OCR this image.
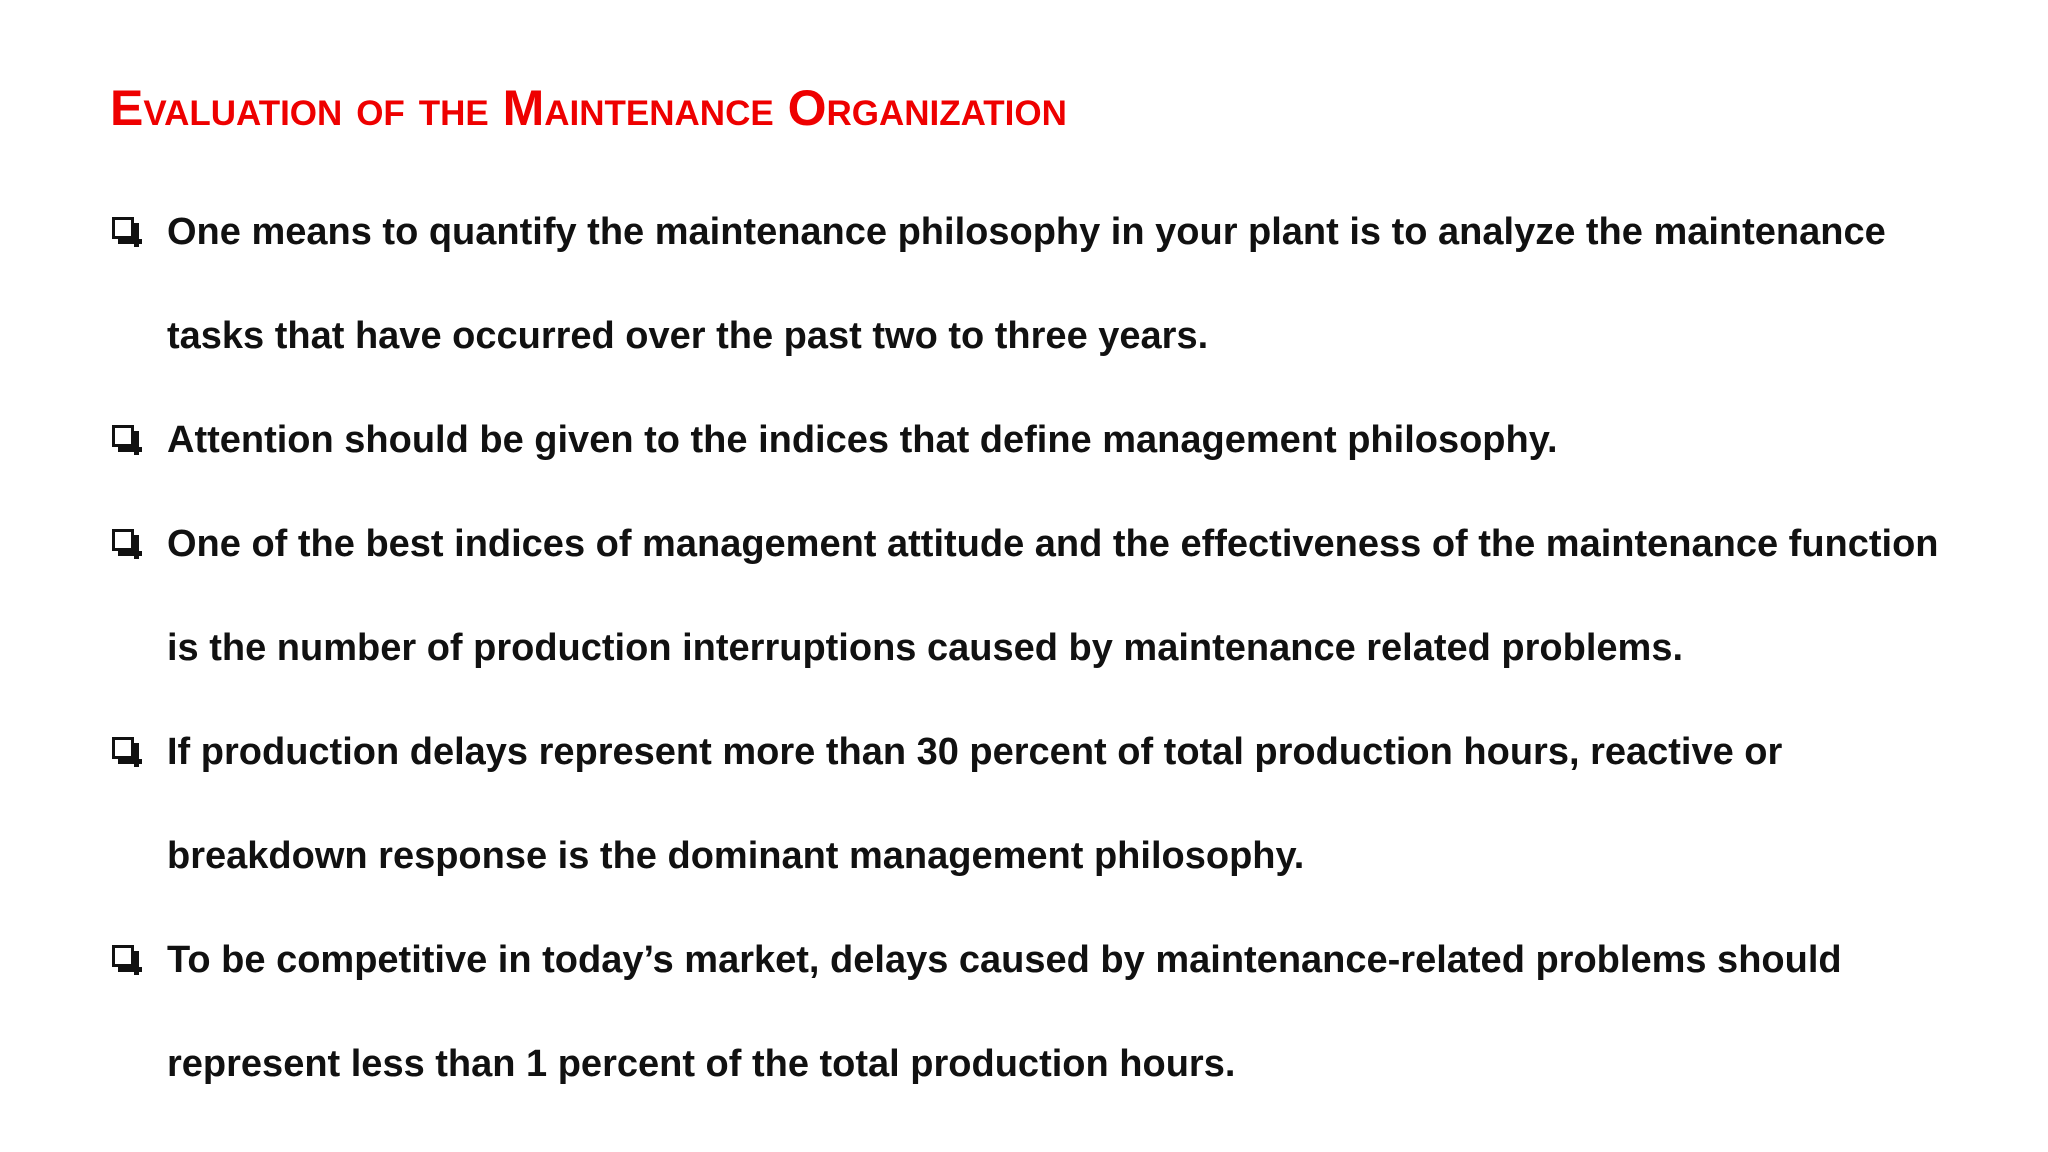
Evaluation of the Maintenance Organization
One means to quantify the maintenance philosophy in your plant is to analyze the maintenance tasks that have occurred over the past two to three years.
Attention should be given to the indices that define management philosophy.
One of the best indices of management attitude and the effectiveness of the maintenance function is the number of production interruptions caused by maintenance related problems.
If production delays represent more than 30 percent of total production hours, reactive or breakdown response is the dominant management philosophy.
To be competitive in today’s market, delays caused by maintenance-related problems should represent less than 1 percent of the total production hours.
